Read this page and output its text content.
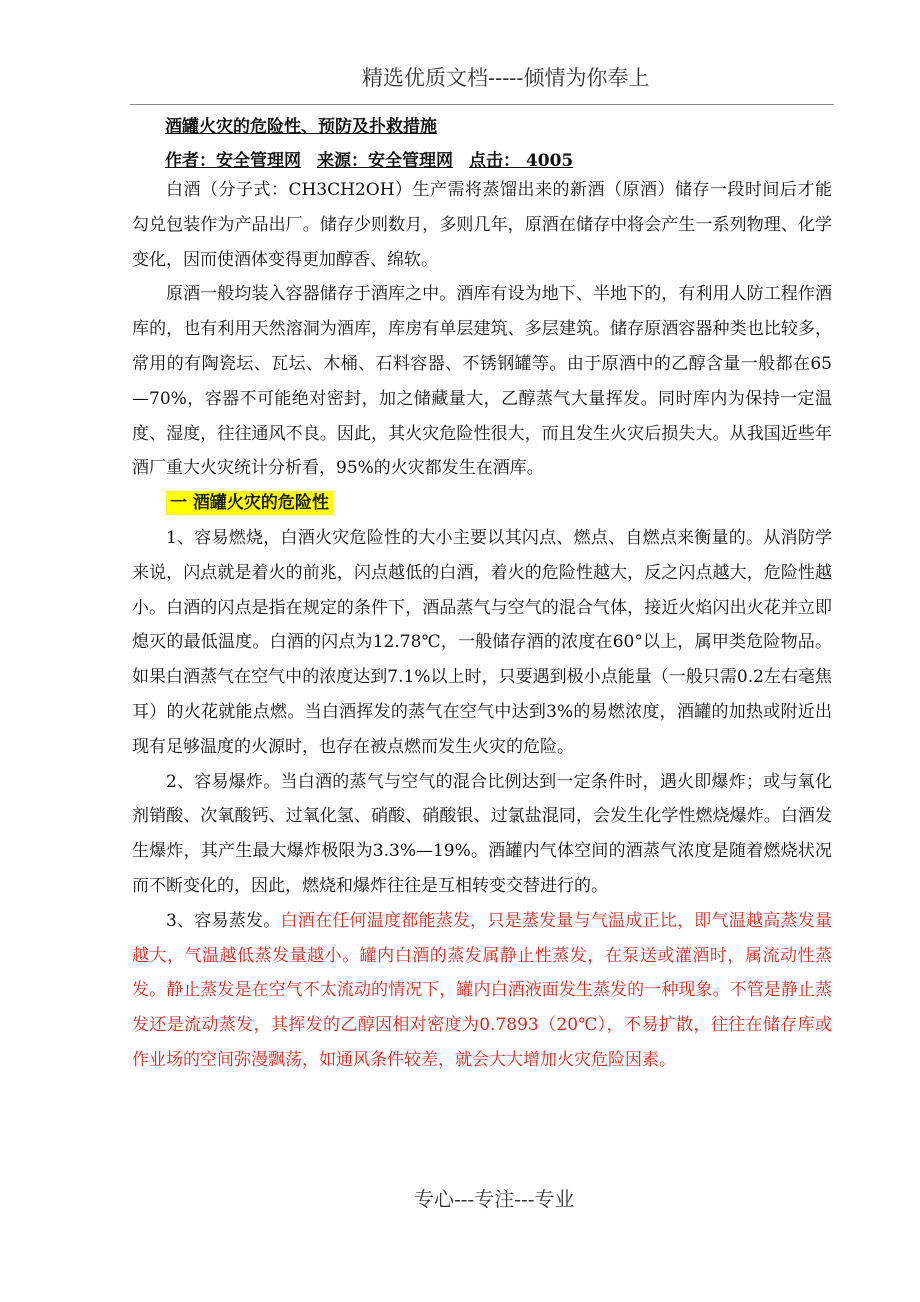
精选优质文档-----倾情为你奉上
酒罐火灾的危险性、预防及扑救措施
作者：安全管理网 来源：安全管理网 点击： 4005

白酒（分子式：CH3CH2OH）生产需将蒸馏出来的新酒（原酒）储存一段时间后才能勾兑包装作为产品出厂。储存少则数月，多则几年，原酒在储存中将会产生一系列物理、化学变化，因而使酒体变得更加醇香、绵软。

原酒一般均装入容器储存于酒库之中。酒库有设为地下、半地下的，有利用人防工程作酒库的，也有利用天然溶洞为酒库，库房有单层建筑、多层建筑。储存原酒容器种类也比较多，常用的有陶瓷坛、瓦坛、木桶、石料容器、不锈钢罐等。由于原酒中的乙醇含量一般都在65—70%，容器不可能绝对密封，加之储藏量大，乙醇蒸气大量挥发。同时库内为保持一定温度、湿度，往往通风不良。因此，其火灾危险性很大，而且发生火灾后损失大。从我国近些年酒厂重大火灾统计分析看，95%的火灾都发生在酒库。

一 酒罐火灾的危险性

1、容易燃烧，白酒火灾危险性的大小主要以其闪点、燃点、自燃点来衡量的。从消防学来说，闪点就是着火的前兆，闪点越低的白酒，着火的危险性越大，反之闪点越大，危险性越小。白酒的闪点是指在规定的条件下，酒品蒸气与空气的混合气体，接近火焰闪出火花并立即熄灭的最低温度。白酒的闪点为12.78℃，一般储存酒的浓度在60°以上，属甲类危险物品。如果白酒蒸气在空气中的浓度达到7.1%以上时，只要遇到极小点能量（一般只需0.2左右毫焦耳）的火花就能点燃。当白酒挥发的蒸气在空气中达到3%的易燃浓度，酒罐的加热或附近出现有足够温度的火源时，也存在被点燃而发生火灾的危险。

2、容易爆炸。当白酒的蒸气与空气的混合比例达到一定条件时，遇火即爆炸；或与氧化剂销酸、次氧酸钙、过氧化氢、硝酸、硝酸银、过氯盐混同，会发生化学性燃烧爆炸。白酒发生爆炸，其产生最大爆炸极限为3.3%—19%。酒罐内气体空间的酒蒸气浓度是随着燃烧状况而不断变化的，因此，燃烧和爆炸往往是互相转变交替进行的。

3、容易蒸发。白酒在任何温度都能蒸发，只是蒸发量与气温成正比，即气温越高蒸发量越大，气温越低蒸发量越小。罐内白酒的蒸发属静止性蒸发，在泵送或灌酒时，属流动性蒸发。静止蒸发是在空气不太流动的情况下，罐内白酒液面发生蒸发的一种现象。不管是静止蒸发还是流动蒸发，其挥发的乙醇因相对密度为0.7893（20℃），不易扩散，往往在储存库或作业场的空间弥漫飘荡，如通风条件较差，就会大大增加火灾危险因素。

专心---专注---专业
